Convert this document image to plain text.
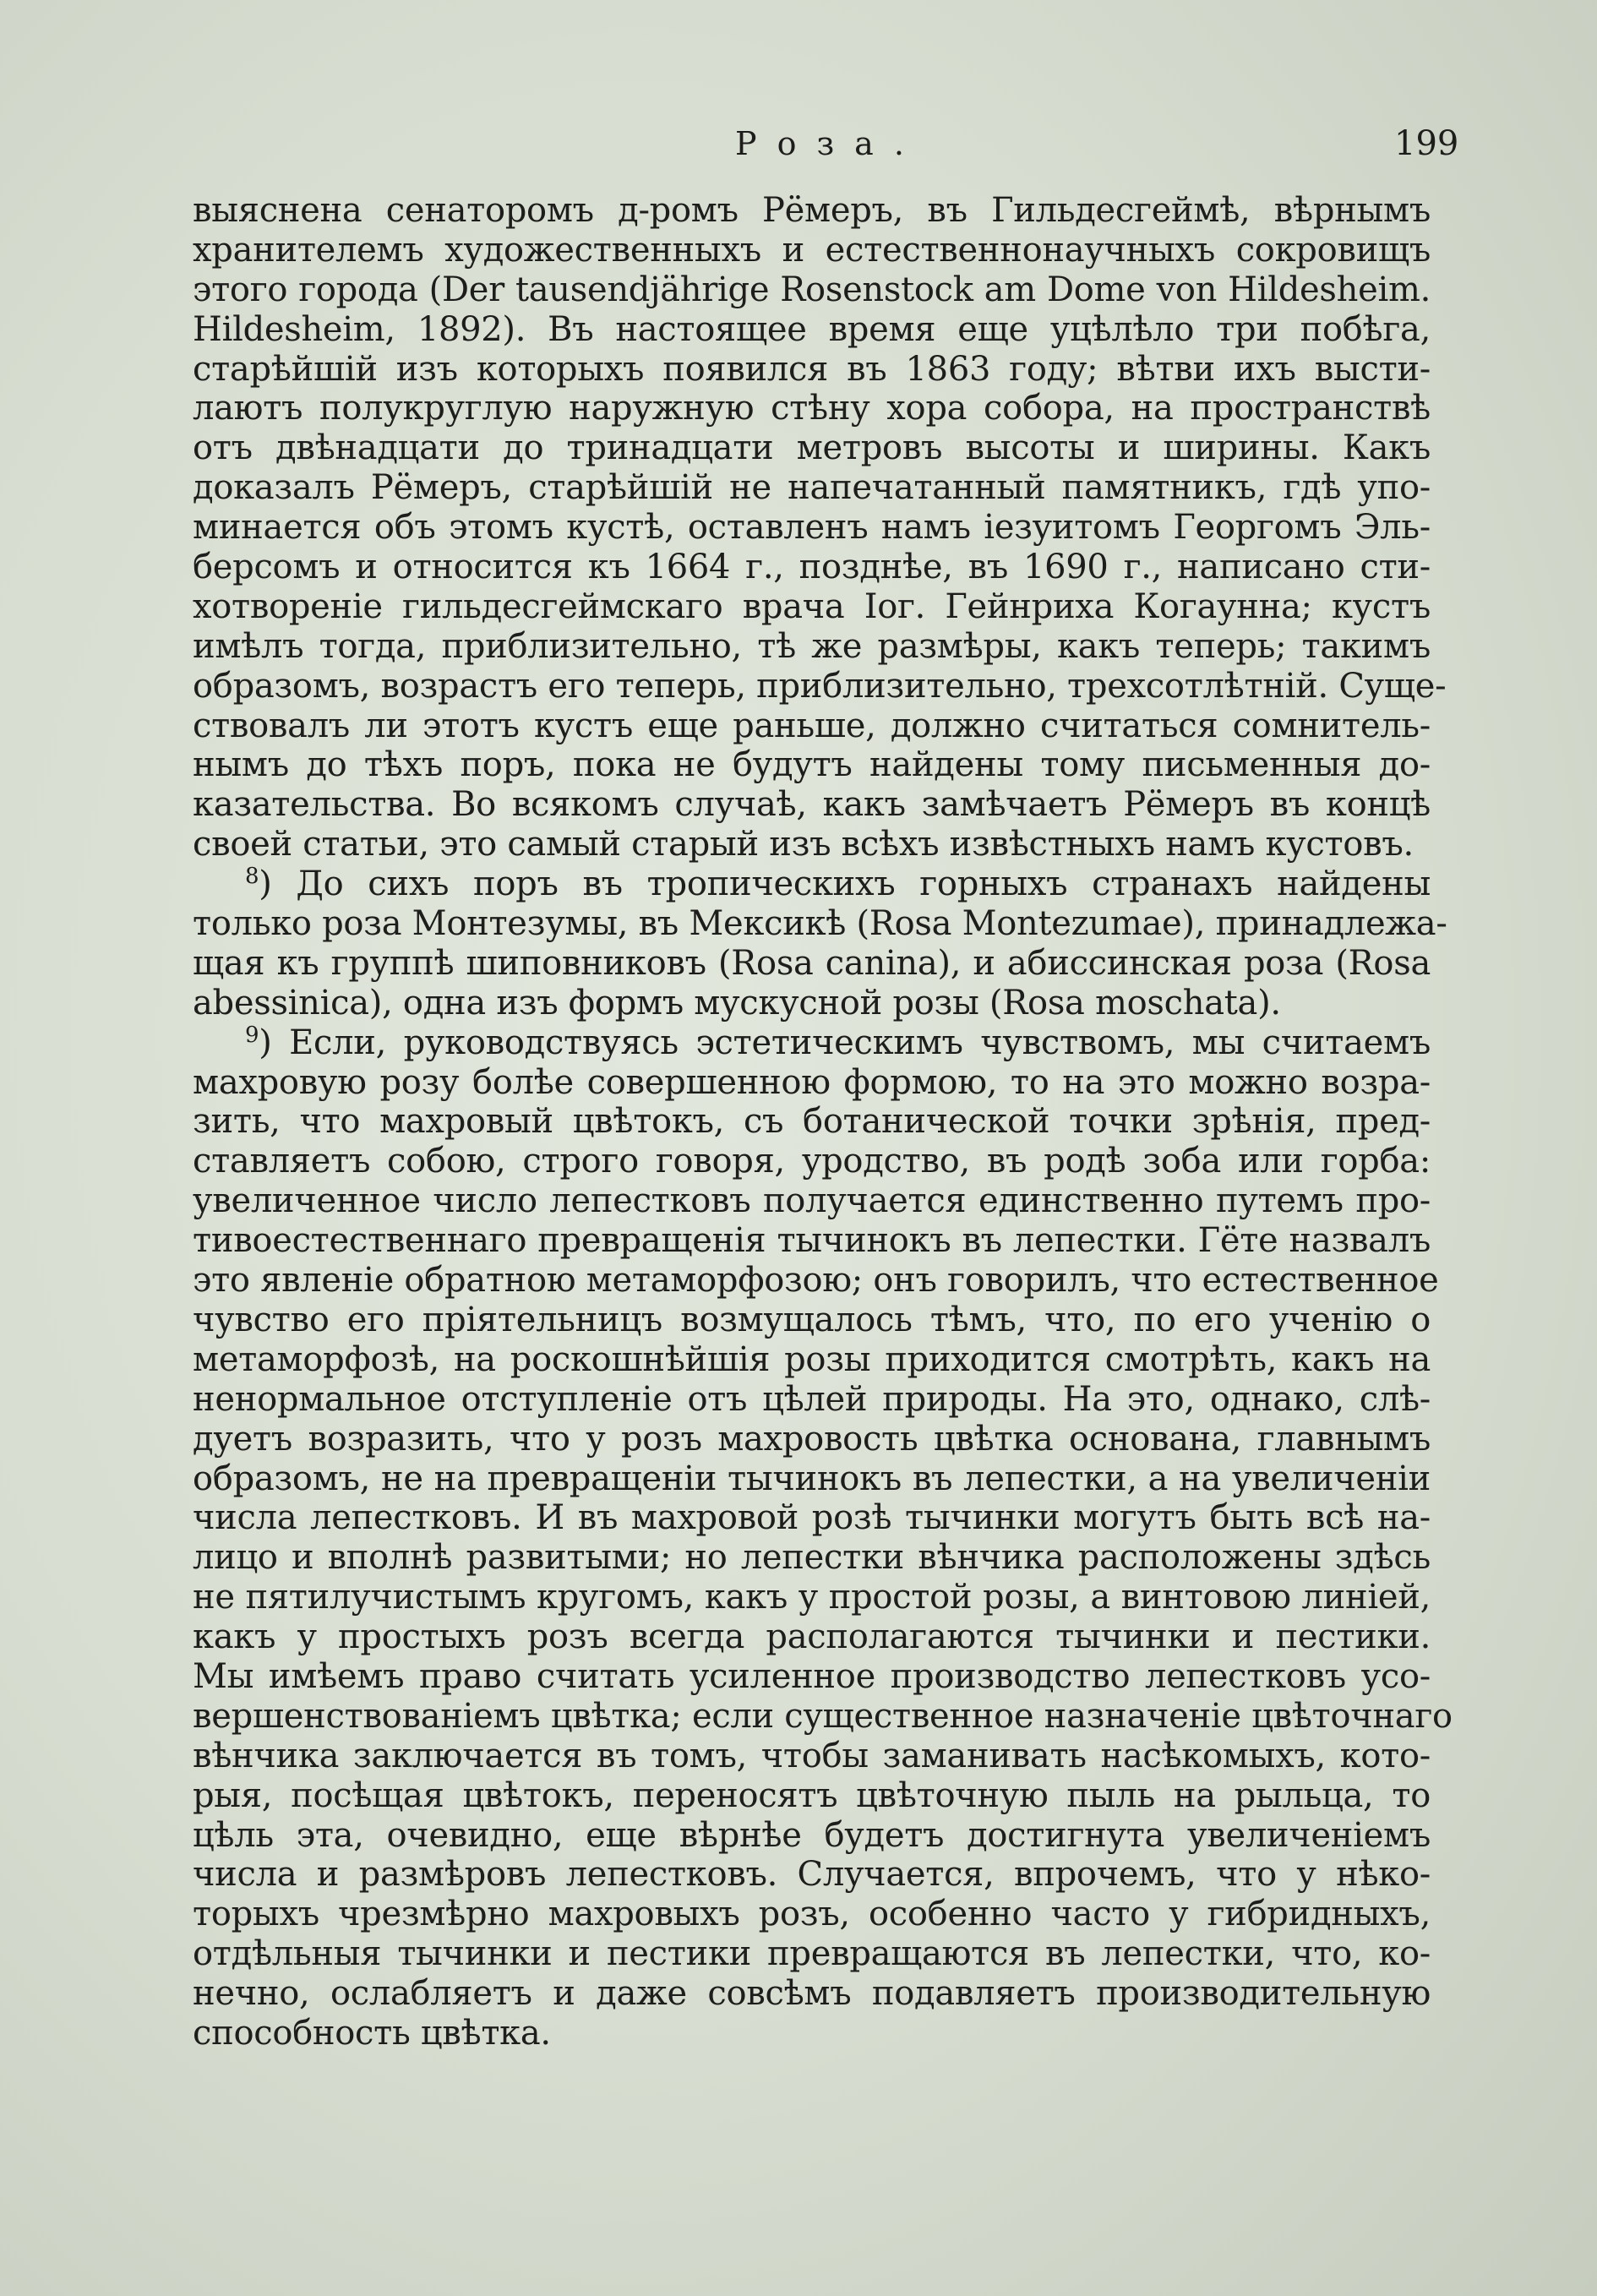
Роза.	199
выяснена сенаторомъ д-ромъ Рёмеръ, въ Гильдесгеймѣ, вѣрнымъ
хранителемъ художественныхъ и естественнонаучныхъ сокровищъ
этого города (Der tausendjährige Rosenstock am Dome von Hildesheim.
Hildesheim, 1892). Въ настоящее время еще уцѣлѣло три побѣга,
старѣйшій изъ которыхъ появился въ 1863 году; вѣтви ихъ высти-
лаютъ полукруглую наружную стѣну хора собора, на пространствѣ
отъ двѣнадцати до тринадцати метровъ высоты и ширины. Какъ
доказалъ Рёмеръ, старѣйшій не напечатанный памятникъ, гдѣ упо-
минается объ этомъ кустѣ, оставленъ намъ іезуитомъ Георгомъ Эль-
берсомъ и относится къ 1664 г., позднѣе, въ 1690 г., написано сти-
хотвореніе гильдесгеймскаго врача Іог. Гейнриха Когаунна; кустъ
имѣлъ тогда, приблизительно, тѣ же размѣры, какъ теперь; такимъ
образомъ, возрастъ его теперь, приблизительно, трехсотлѣтній. Суще-
ствовалъ ли этотъ кустъ еще раньше, должно считаться сомнитель-
нымъ до тѣхъ поръ, пока не будутъ найдены тому письменныя до-
казательства. Во всякомъ случаѣ, какъ замѣчаетъ Рёмеръ въ концѣ
своей статьи, это самый старый изъ всѣхъ извѣстныхъ намъ кустовъ.
$^8$) До сихъ поръ въ тропическихъ горныхъ странахъ найдены
только роза Монтезумы, въ Мексикѣ (Rosa Montezumae), принадлежа-
щая къ группѣ шиповниковъ (Rosa canina), и абиссинская роза (Rosa
abessinica), одна изъ формъ мускусной розы (Rosa moschata).
$^9$) Если, руководствуясь эстетическимъ чувствомъ, мы считаемъ
махровую розу болѣе совершенною формою, то на это можно возра-
зить, что махровый цвѣтокъ, съ ботанической точки зрѣнія, пред-
ставляетъ собою, строго говоря, уродство, въ родѣ зоба или горба:
увеличенное число лепестковъ получается единственно путемъ про-
тивоестественнаго превращенія тычинокъ въ лепестки. Гёте назвалъ
это явленіе обратною метаморфозою; онъ говорилъ, что естественное
чувство его пріятельницъ возмущалось тѣмъ, что, по его ученію о
метаморфозѣ, на роскошнѣйшія розы приходится смотрѣть, какъ на
ненормальное отступленіе отъ цѣлей природы. На это, однако, слѣ-
дуетъ возразить, что у розъ махровость цвѣтка основана, главнымъ
образомъ, не на превращеніи тычинокъ въ лепестки, а на увеличеніи
числа лепестковъ. И въ махровой розѣ тычинки могутъ быть всѣ на-
лицо и вполнѣ развитыми; но лепестки вѣнчика расположены здѣсь
не пятилучистымъ кругомъ, какъ у простой розы, а винтовою линіей,
какъ у простыхъ розъ всегда располагаются тычинки и пестики.
Мы имѣемъ право считать усиленное производство лепестковъ усо-
вершенствованіемъ цвѣтка; если существенное назначеніе цвѣточнаго
вѣнчика заключается въ томъ, чтобы заманивать насѣкомыхъ, кото-
рыя, посѣщая цвѣтокъ, переносятъ цвѣточную пыль на рыльца, то
цѣль эта, очевидно, еще вѣрнѣе будетъ достигнута увеличеніемъ
числа и размѣровъ лепестковъ. Случается, впрочемъ, что у нѣко-
торыхъ чрезмѣрно махровыхъ розъ, особенно часто у гибридныхъ,
отдѣльныя тычинки и пестики превращаются въ лепестки, что, ко-
нечно, ослабляетъ и даже совсѣмъ подавляетъ производительную
способность цвѣтка.
